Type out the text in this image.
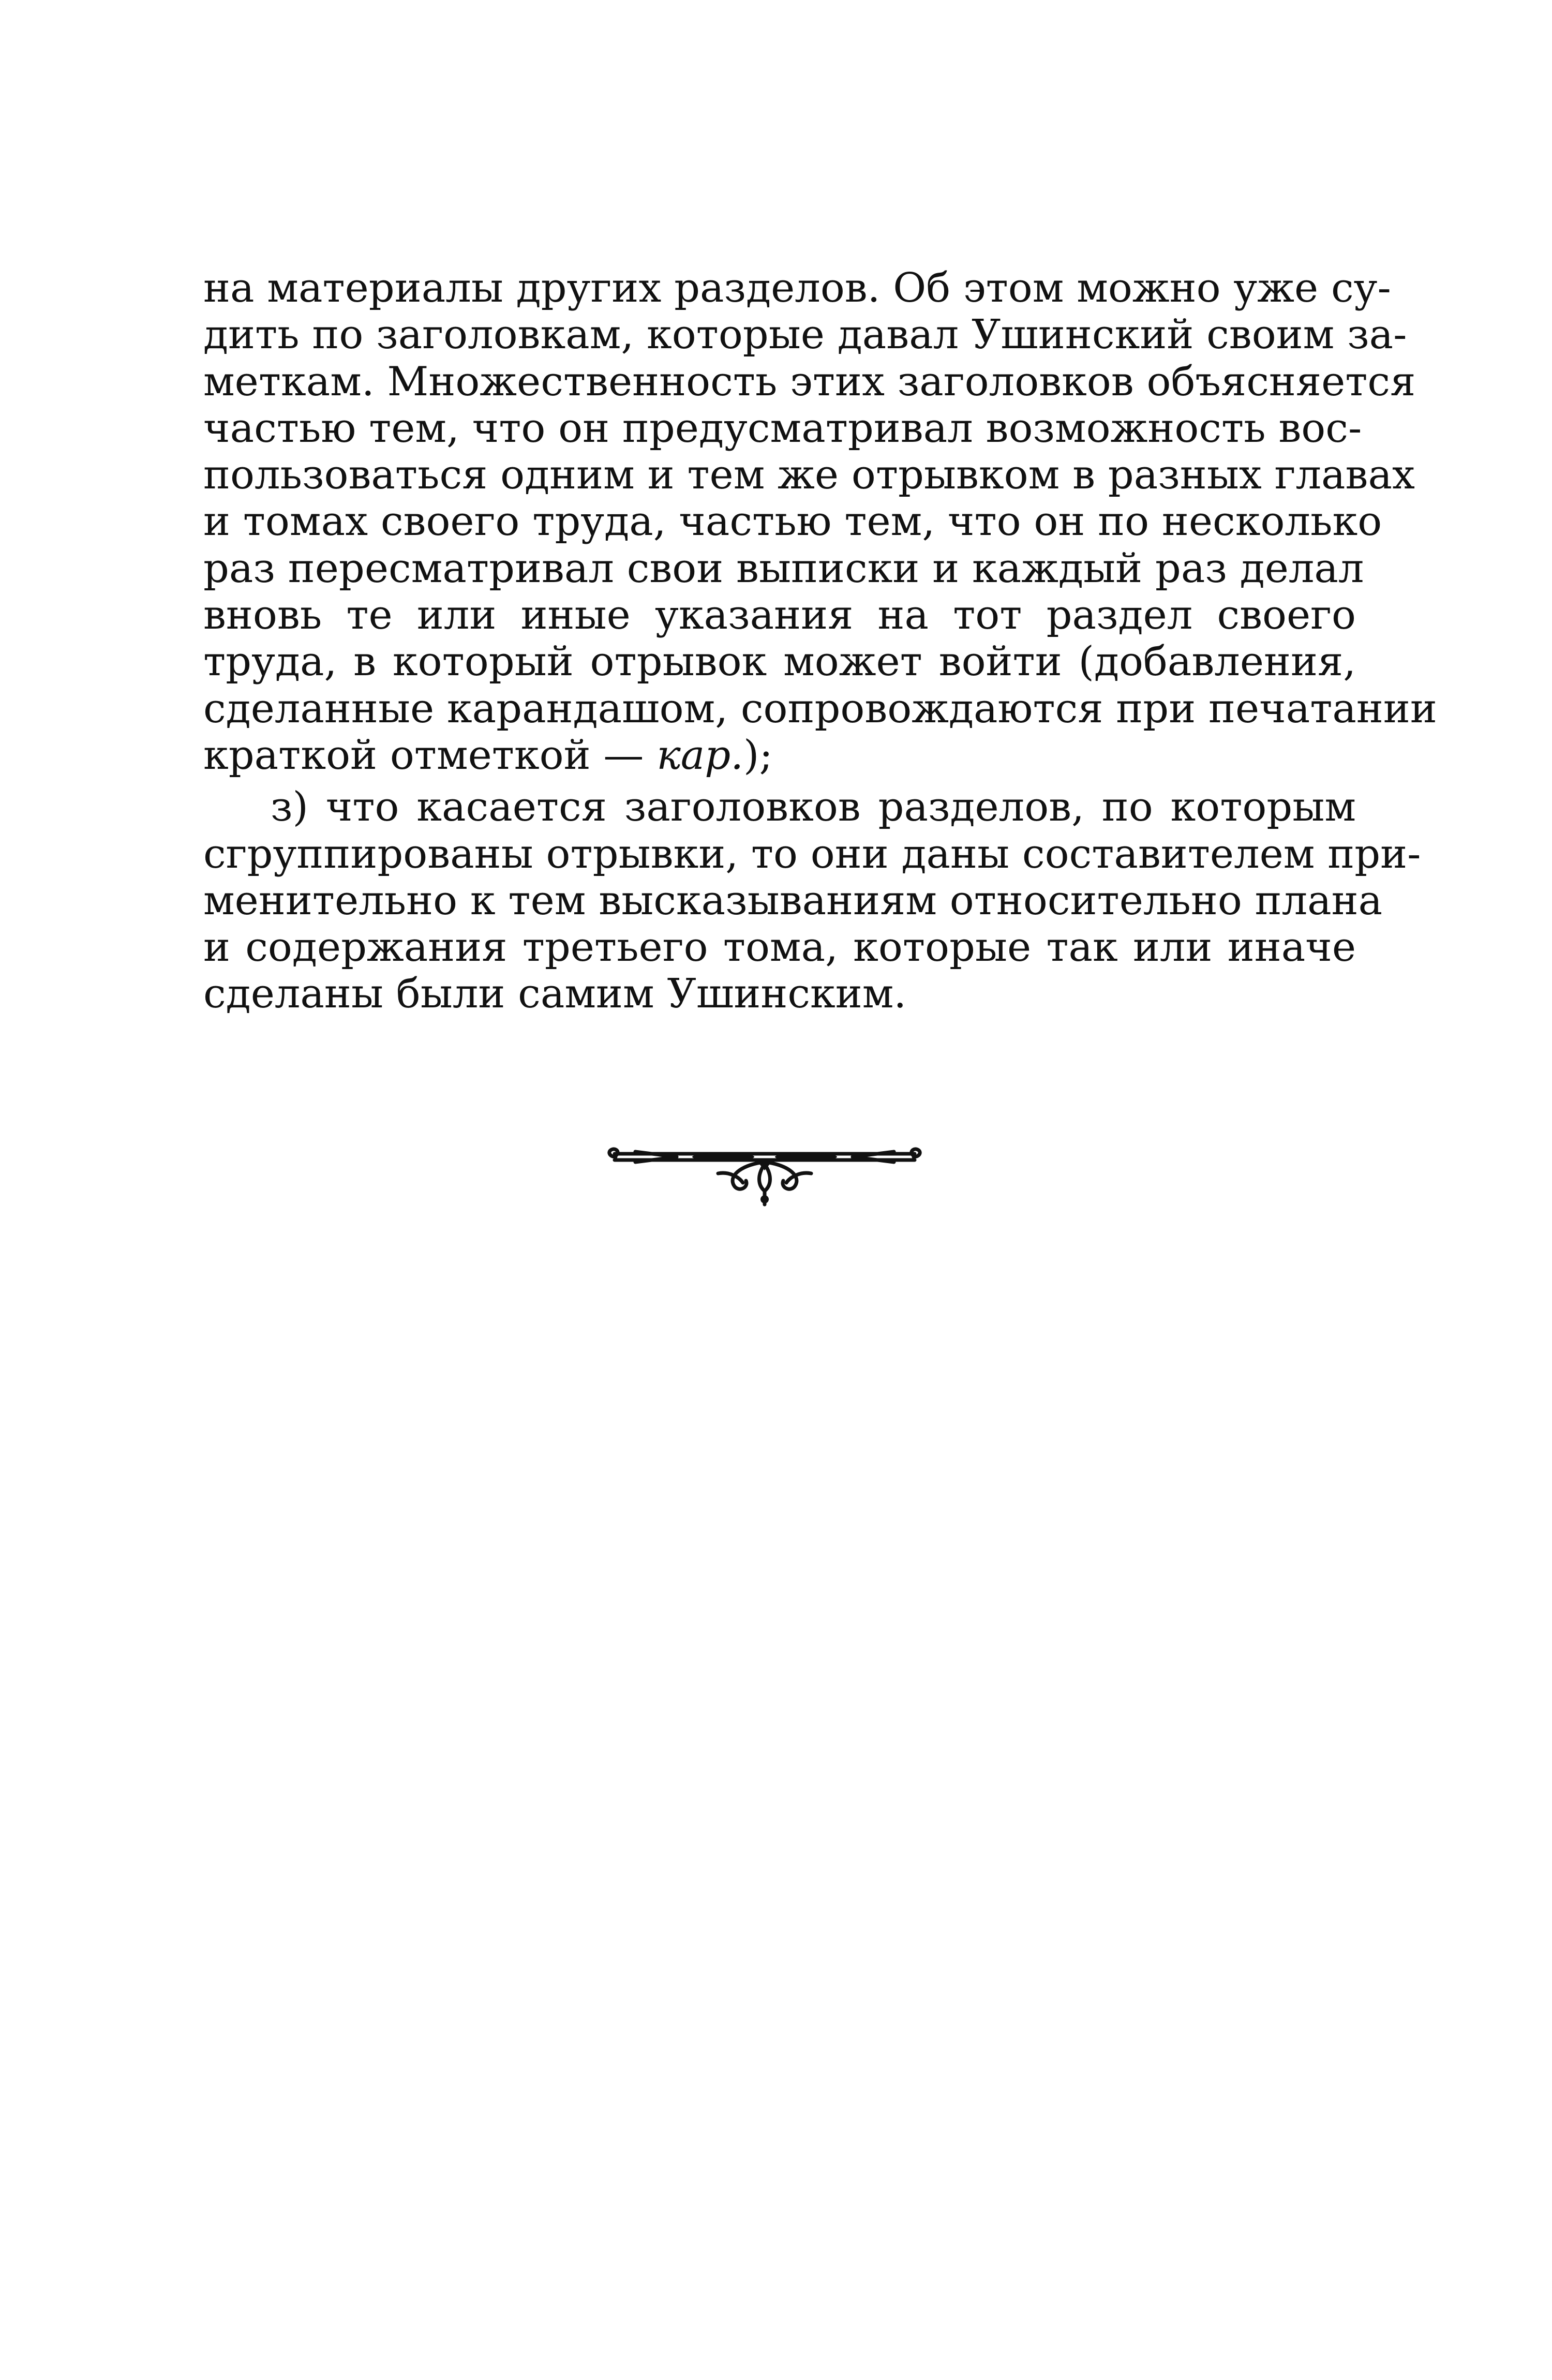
на материалы других разделов. Об этом можно уже су-
дить по заголовкам, которые давал Ушинский своим за-
меткам. Множественность этих заголовков объясняется
частью тем, что он предусматривал возможность вос-
пользоваться одним и тем же отрывком в разных главах
и томах своего труда, частью тем, что он по несколько
раз пересматривал свои выписки и каждый раз делал
вновь те или иные указания на тот раздел своего
труда, в который отрывок может войти (добавления,
сделанные карандашом, сопровождаются при печатании
краткой отметкой — кар.);
з) что касается заголовков разделов, по которым
сгруппированы отрывки, то они даны составителем при-
менительно к тем высказываниям относительно плана
и содержания третьего тома, которые так или иначе
сделаны были самим Ушинским.
